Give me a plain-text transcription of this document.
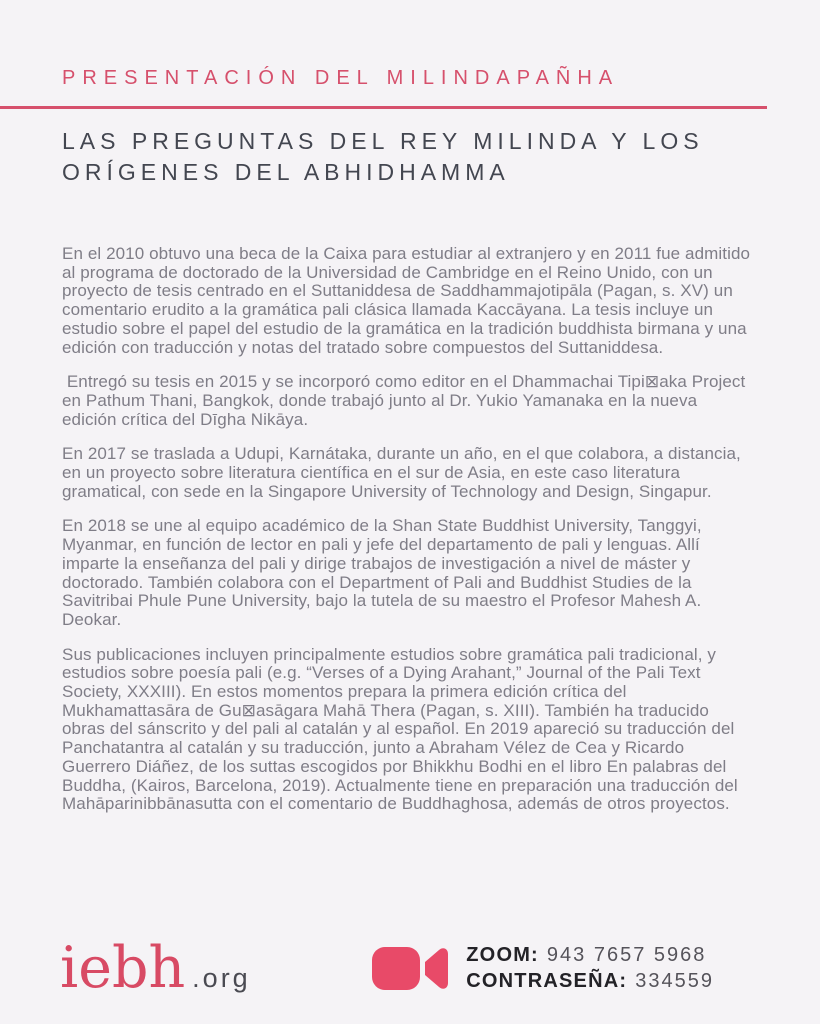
PRESENTACIÓN DEL MILINDAPAÑHA
LAS PREGUNTAS DEL REY MILINDA Y LOS
ORÍGENES DEL ABHIDHAMMA

En el 2010 obtuvo una beca de la Caixa para estudiar al extranjero y en 2011 fue admitido al programa de doctorado de la Universidad de Cambridge en el Reino Unido, con un proyecto de tesis centrado en el Suttaniddesa de Saddhammajotipāla (Pagan, s. XV) un comentario erudito a la gramática pali clásica llamada Kaccāyana. La tesis incluye un estudio sobre el papel del estudio de la gramática en la tradición buddhista birmana y una edición con traducción y notas del tratado sobre compuestos del Suttaniddesa.

Entregó su tesis en 2015 y se incorporó como editor en el Dhammachai Tipi⊠aka Project en Pathum Thani, Bangkok, donde trabajó junto al Dr. Yukio Yamanaka en la nueva edición crítica del Dīgha Nikāya.

En 2017 se traslada a Udupi, Karnátaka, durante un año, en el que colabora, a distancia, en un proyecto sobre literatura científica en el sur de Asia, en este caso literatura gramatical, con sede en la Singapore University of Technology and Design, Singapur.

En 2018 se une al equipo académico de la Shan State Buddhist University, Tanggyi, Myanmar, en función de lector en pali y jefe del departamento de pali y lenguas. Allí imparte la enseñanza del pali y dirige trabajos de investigación a nivel de máster y doctorado. También colabora con el Department of Pali and Buddhist Studies de la Savitribai Phule Pune University, bajo la tutela de su maestro el Profesor Mahesh A. Deokar.

Sus publicaciones incluyen principalmente estudios sobre gramática pali tradicional, y estudios sobre poesía pali (e.g. “Verses of a Dying Arahant,” Journal of the Pali Text Society, XXXIII). En estos momentos prepara la primera edición crítica del Mukhamattasāra de Gu⊠asāgara Mahā Thera (Pagan, s. XIII). También ha traducido obras del sánscrito y del pali al catalán y al español. En 2019 apareció su traducción del Panchatantra al catalán y su traducción, junto a Abraham Vélez de Cea y Ricardo Guerrero Diáñez, de los suttas escogidos por Bhikkhu Bodhi en el libro En palabras del Buddha, (Kairos, Barcelona, 2019). Actualmente tiene en preparación una traducción del Mahāparinibbānasutta con el comentario de Buddhaghosa, además de otros proyectos.

iebh .org
ZOOM: 943 7657 5968
CONTRASEÑA: 334559
